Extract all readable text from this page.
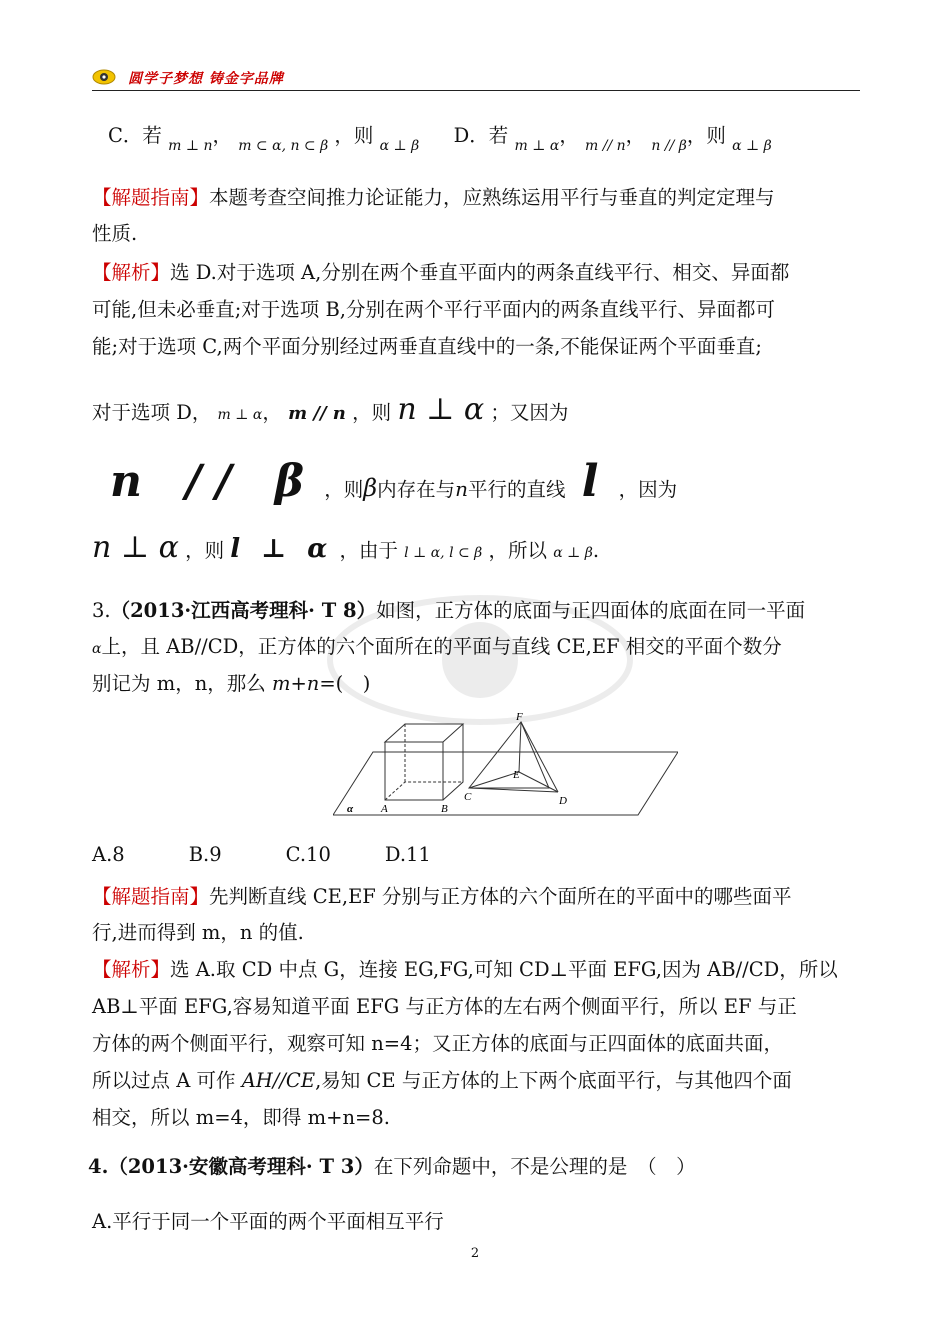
圆学子梦想 铸金字品牌
C．若 $_{m \perp n}$， $_{m \subset \alpha, n \subset \beta}$ ，则 $_{\alpha \perp \beta}$ D．若 $_{m \perp \alpha}$， $_{m // n}$， $_{n // \beta}$，则 $_{\alpha \perp \beta}$
【解题指南】本题考查空间推力论证能力，应熟练运用平行与垂直的判定定理与
性质.
【解析】选 D.对于选项 A,分别在两个垂直平面内的两条直线平行、相交、异面都
可能,但未必垂直;对于选项 B,分别在两个平行平面内的两条直线平行、异面都可
能;对于选项 C,两个平面分别经过两垂直直线中的一条,不能保证两个平面垂直;
对于选项 D， m ⊥ α， m // n ，则 n ⊥ α ；又因为
n // β ，则β内存在与n平行的直线 l ，因为
n ⊥ α ，则 l ⊥ α ，由于 l ⊥ α, l ⊂ β ，所以 α ⊥ β.
3.（2013·江西高考理科· T 8）如图，正方体的底面与正四面体的底面在同一平面
α上，且 AB//CD，正方体的六个面所在的平面与直线 CE,EF 相交的平面个数分
别记为 m，n，那么 m+n=(　)
F
E
A	B
C	D
α
A.8	B.9	C.10	D.11
【解题指南】先判断直线 CE,EF 分别与正方体的六个面所在的平面中的哪些面平
行,进而得到 m，n 的值.
【解析】选 A.取 CD 中点 G，连接 EG,FG,可知 CD⊥平面 EFG,因为 AB//CD，所以
AB⊥平面 EFG,容易知道平面 EFG 与正方体的左右两个侧面平行，所以 EF 与正
方体的两个侧面平行，观察可知 n=4；又正方体的底面与正四面体的底面共面，
所以过点 A 可作 AH//CE,易知 CE 与正方体的上下两个底面平行，与其他四个面
相交，所以 m=4，即得 m+n=8.
4.（2013·安徽高考理科· T 3）在下列命题中，不是公理的是　（　）
A.平行于同一个平面的两个平面相互平行
2
